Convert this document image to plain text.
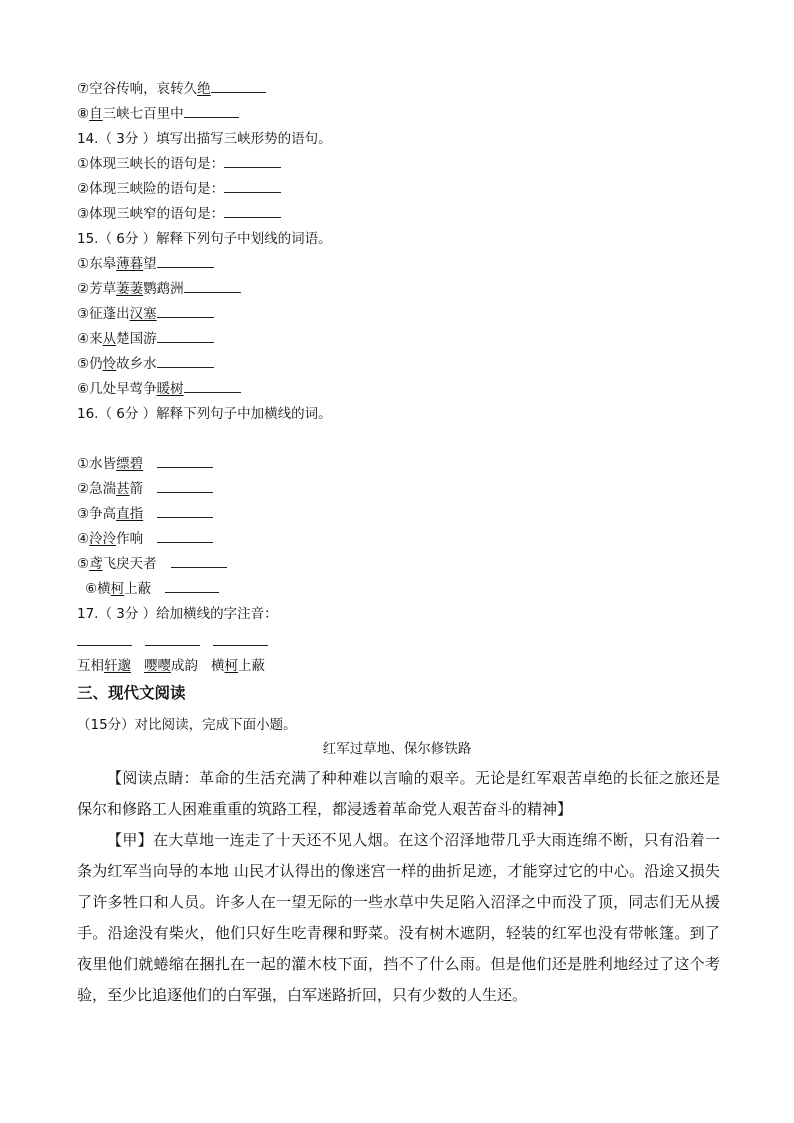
⑦空谷传响，哀转久绝
⑧自三峡七百里中
14.（ 3分 ）填写出描写三峡形势的语句。
①体现三峡长的语句是：
②体现三峡险的语句是：
③体现三峡窄的语句是：
15.（ 6分 ）解释下列句子中划线的词语。
①东皋薄暮望
②芳草萋萋鹦鹉洲
③征蓬出汉塞
④来从楚国游
⑤仍怜故乡水
⑥几处早莺争暖树
16.（ 6分 ）解释下列句子中加横线的词。
①水皆缥碧
②急湍甚箭
③争高直指
④泠泠作响
⑤鸢飞戾天者
⑥横柯上蔽
17.（ 3分 ）给加横线的字注音：
互相轩邈 嘤嘤成韵 横柯上蔽
三、现代文阅读
（15分）对比阅读，完成下面小题。
红军过草地、保尔修铁路
【阅读点睛：革命的生活充满了种种难以言喻的艰辛。无论是红军艰苦卓绝的长征之旅还是保尔和修路工人困难重重的筑路工程，都浸透着革命党人艰苦奋斗的精神】
【甲】在大草地一连走了十天还不见人烟。在这个沼泽地带几乎大雨连绵不断，只有沿着一条为红军当向导的本地 山民才认得出的像迷宫一样的曲折足迹，才能穿过它的中心。沿途又损失了许多牲口和人员。许多人在一望无际的一些水草中失足陷入沼泽之中而没了顶，同志们无从援手。沿途没有柴火，他们只好生吃青稞和野菜。没有树木遮阴，轻装的红军也没有带帐篷。到了夜里他们就蜷缩在捆扎在一起的灌木枝下面，挡不了什么雨。但是他们还是胜利地经过了这个考验，至少比追逐他们的白军强，白军迷路折回，只有少数的人生还。
